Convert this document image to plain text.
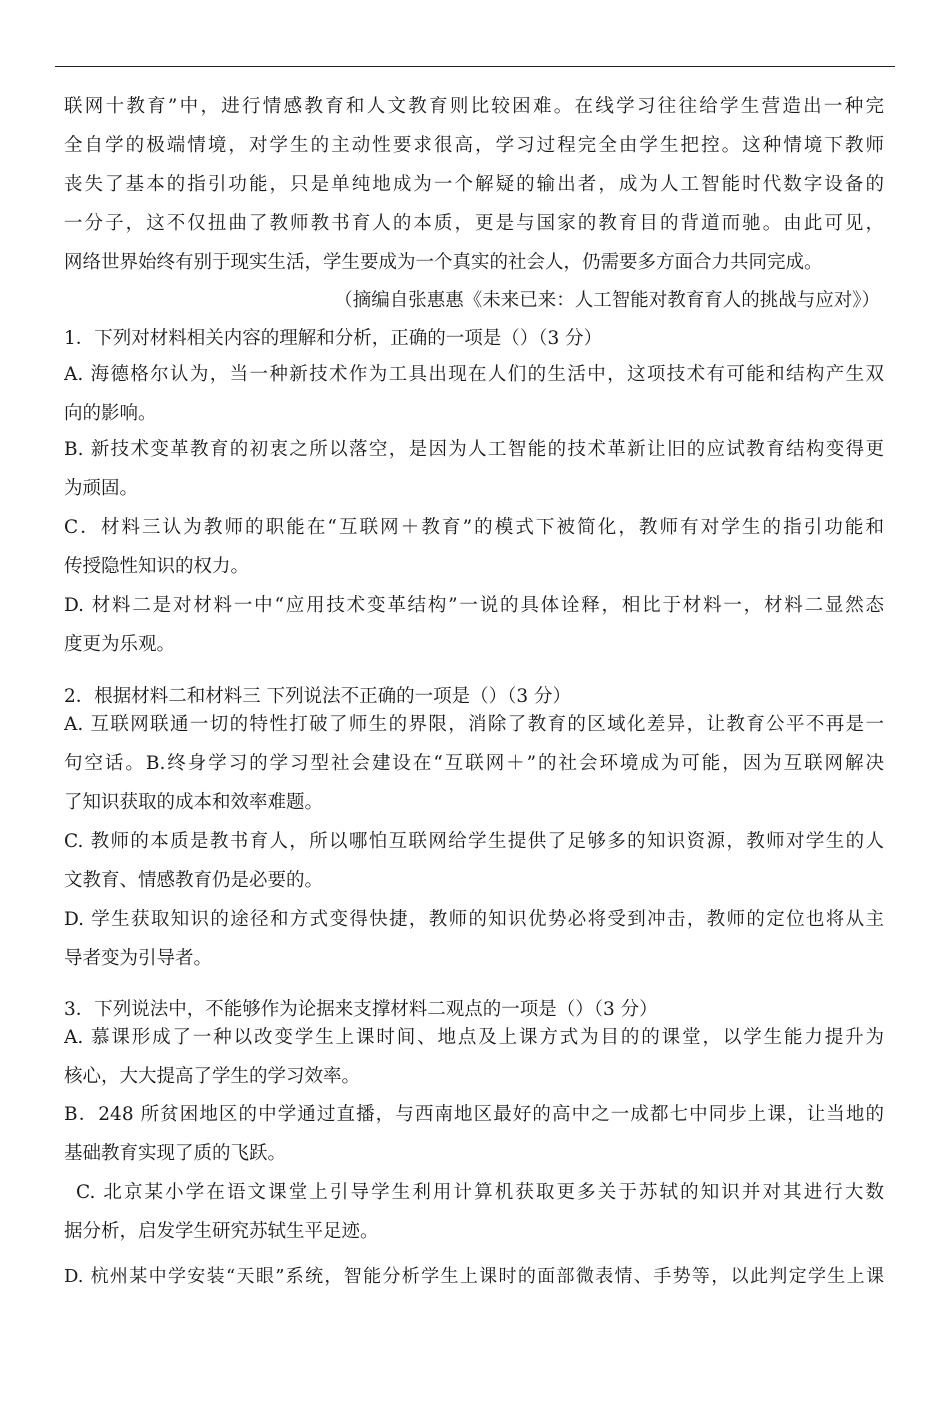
联网十教育”中，进行情感教育和人文教育则比较困难。在线学习往往给学生营造出一种完
全自学的极端情境，对学生的主动性要求很高，学习过程完全由学生把控。这种情境下教师
丧失了基本的指引功能，只是单纯地成为一个解疑的输出者，成为人工智能时代数字设备的
一分子，这不仅扭曲了教师教书育人的本质，更是与国家的教育目的背道而驰。由此可见，
网络世界始终有别于现实生活，学生要成为一个真实的社会人，仍需要多方面合力共同完成。
（摘编自张惠惠《未来已来：人工智能对教育育人的挑战与应对》）
1．下列对材料相关内容的理解和分析，正确的一项是（）（3 分）
A. 海德格尔认为，当一种新技术作为工具出现在人们的生活中，这项技术有可能和结构产生双
向的影响。
B. 新技术变革教育的初衷之所以落空，是因为人工智能的技术革新让旧的应试教育结构变得更
为顽固。
C．材料三认为教师的职能在“互联网＋教育”的模式下被简化，教师有对学生的指引功能和
传授隐性知识的权力。
D. 材料二是对材料一中“应用技术变革结构”一说的具体诠释，相比于材料一，材料二显然态
度更为乐观。
2．根据材料二和材料三 下列说法不正确的一项是（）（3 分）
A. 互联网联通一切的特性打破了师生的界限，消除了教育的区域化差异，让教育公平不再是一
句空话。B.终身学习的学习型社会建设在“互联网＋”的社会环境成为可能，因为互联网解决
了知识获取的成本和效率难题。
C. 教师的本质是教书育人，所以哪怕互联网给学生提供了足够多的知识资源，教师对学生的人
文教育、情感教育仍是必要的。
D. 学生获取知识的途径和方式变得快捷，教师的知识优势必将受到冲击，教师的定位也将从主
导者变为引导者。
3．下列说法中，不能够作为论据来支撑材料二观点的一项是（）（3 分）
A. 慕课形成了一种以改变学生上课时间、地点及上课方式为目的的课堂，以学生能力提升为
核心，大大提高了学生的学习效率。
B．248 所贫困地区的中学通过直播，与西南地区最好的高中之一成都七中同步上课，让当地的
基础教育实现了质的飞跃。
C. 北京某小学在语文课堂上引导学生利用计算机获取更多关于苏轼的知识并对其进行大数
据分析，启发学生研究苏轼生平足迹。
D. 杭州某中学安装“天眼”系统，智能分析学生上课时的面部微表情、手势等，以此判定学生上课
